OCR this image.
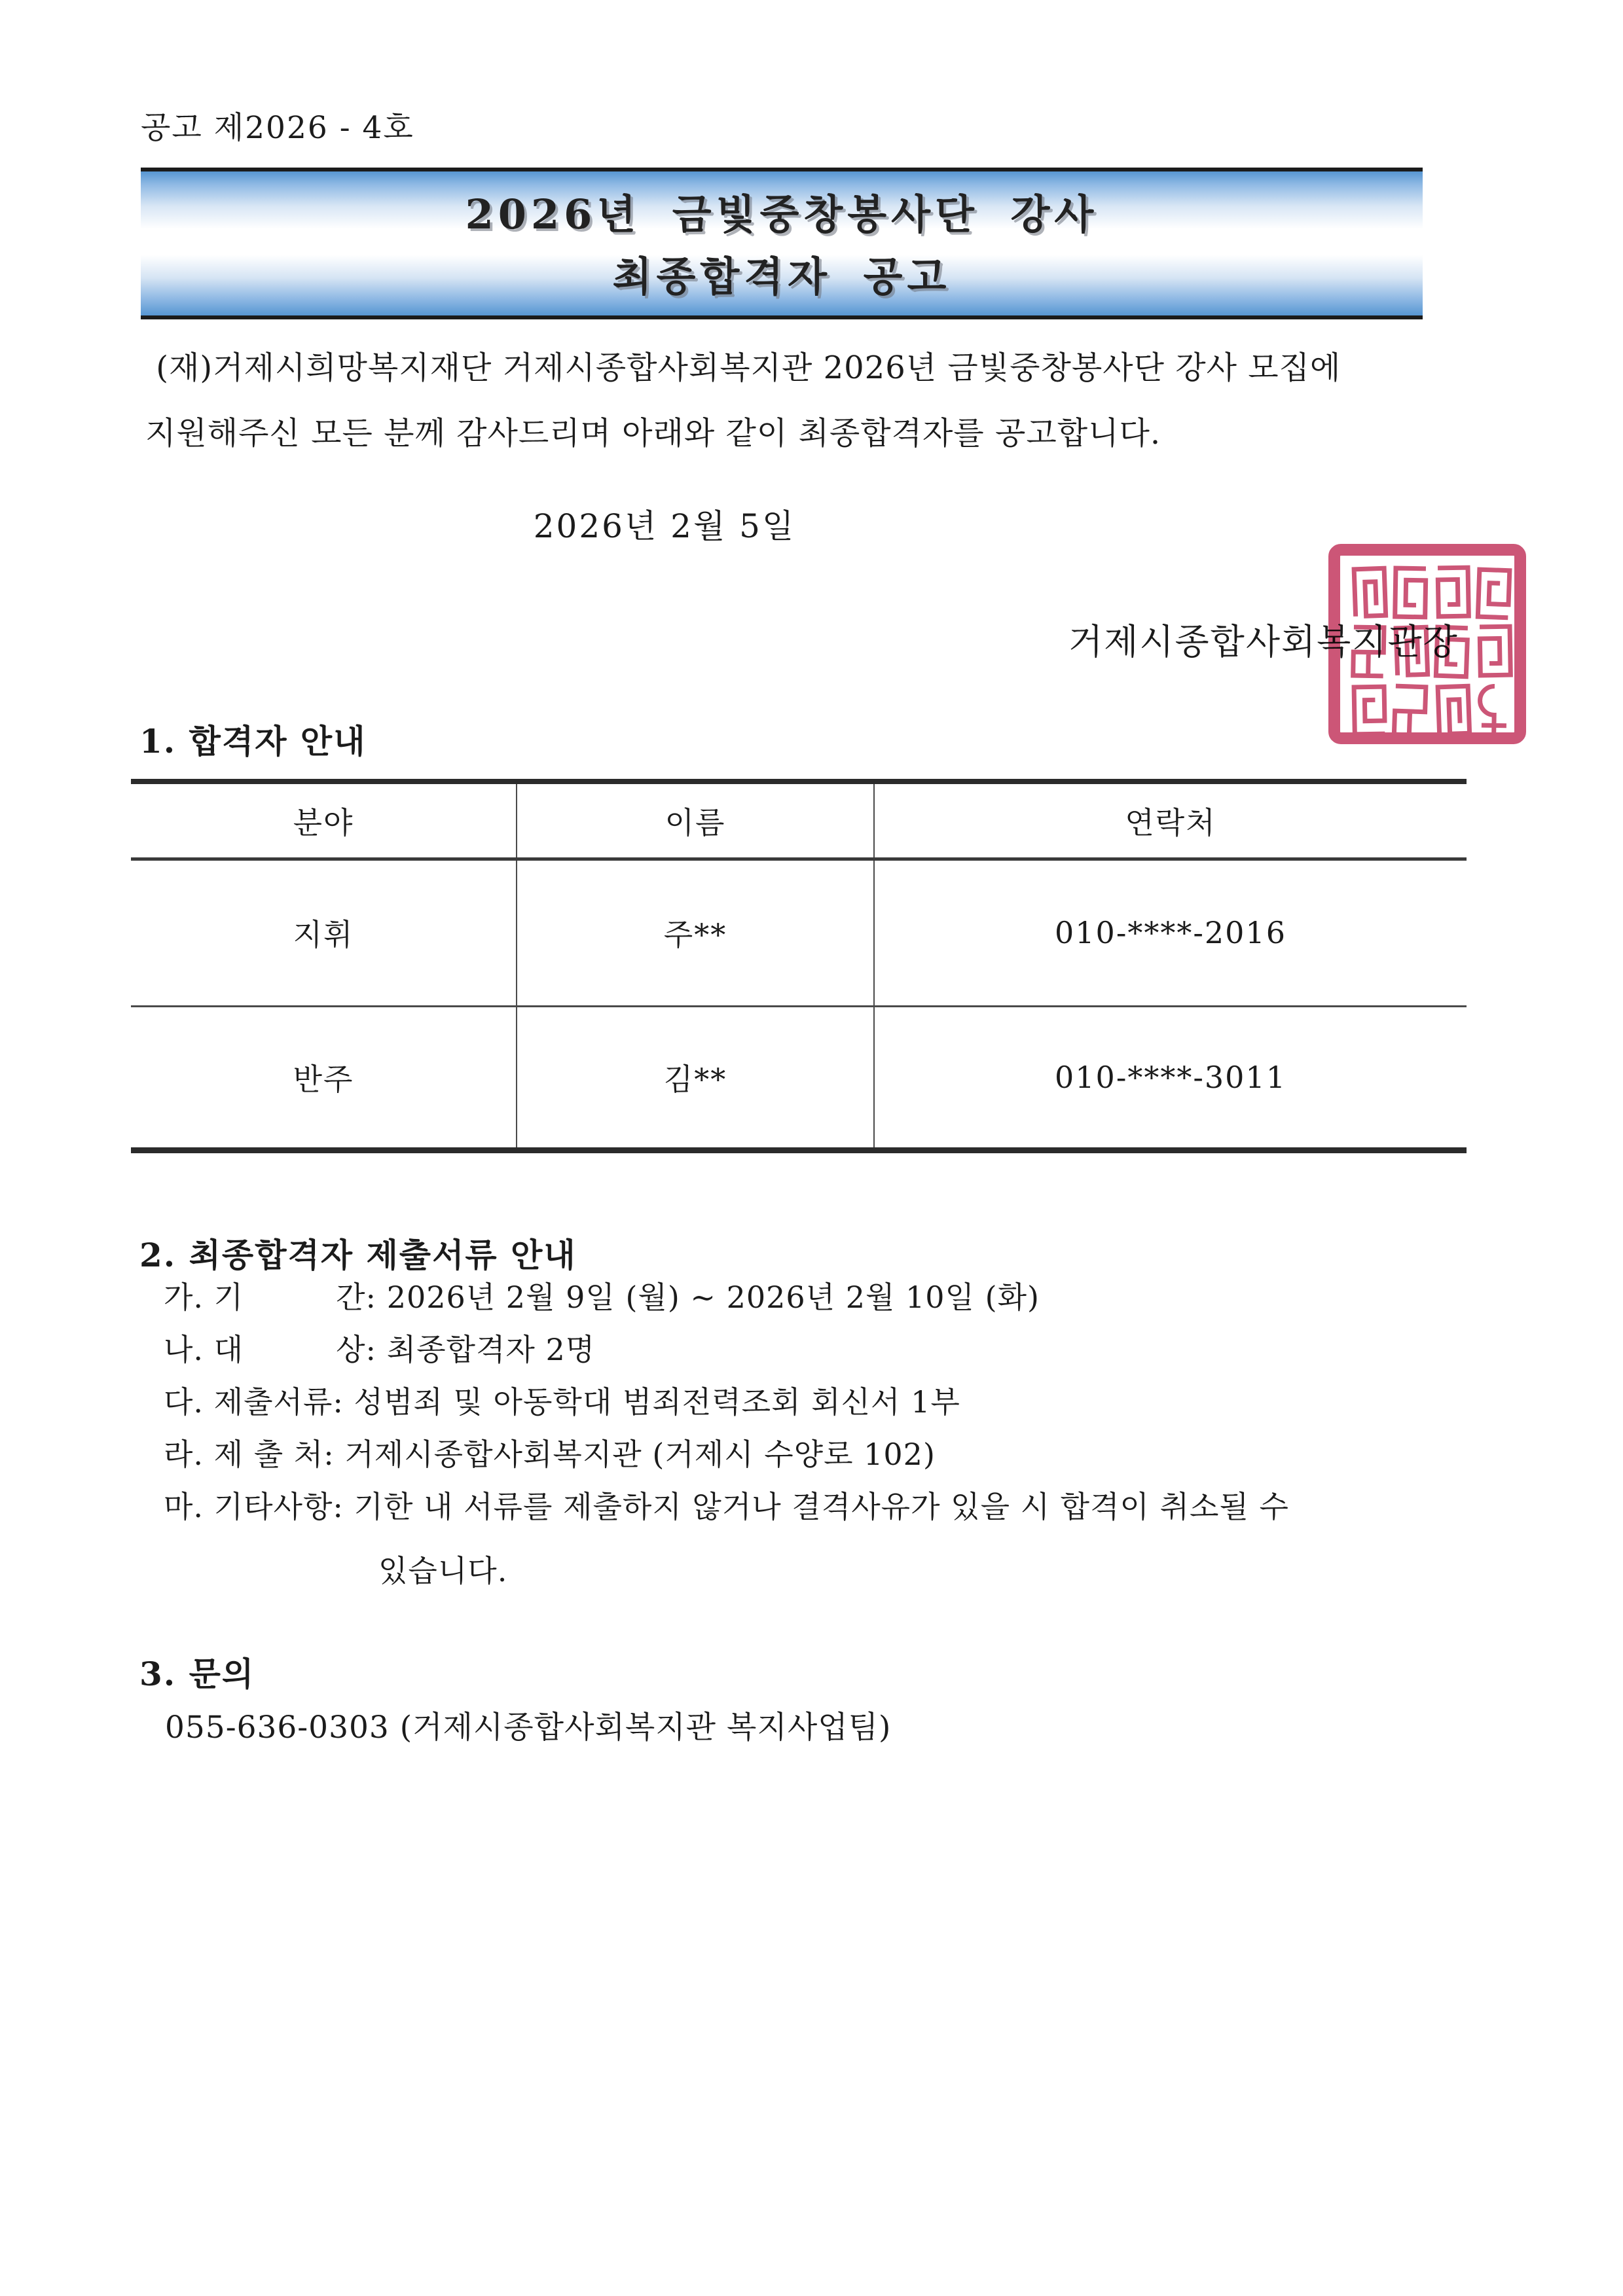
공고 제2026 - 4호
2026년 금빛중창봉사단 강사
최종합격자 공고
(재)거제시희망복지재단 거제시종합사회복지관 2026년 금빛중창봉사단 강사 모집에
지원해주신 모든 분께 감사드리며 아래와 같이 최종합격자를 공고합니다.
2026년 2월 5일
거제시종합사회복지관장
1. 합격자 안내
분야	이름	연락처
지휘	주**	010-****-2016
반주	김**	010-****-3011
2. 최종합격자 제출서류 안내
가. 기　　　간: 2026년 2월 9일 (월) ~ 2026년 2월 10일 (화)
나. 대　　　상: 최종합격자 2명
다. 제출서류: 성범죄 및 아동학대 범죄전력조회 회신서 1부
라. 제 출 처: 거제시종합사회복지관 (거제시 수양로 102)
마. 기타사항: 기한 내 서류를 제출하지 않거나 결격사유가 있을 시 합격이 취소될 수
있습니다.
3. 문의
055-636-0303 (거제시종합사회복지관 복지사업팀)
